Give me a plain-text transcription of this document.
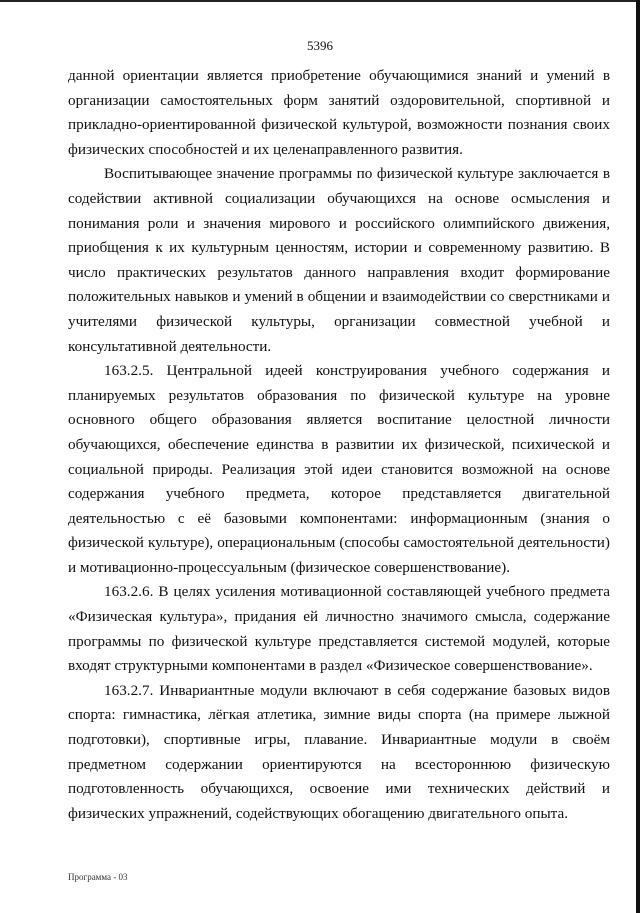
5396

данной ориентации является приобретение обучающимися знаний и умений в организации самостоятельных форм занятий оздоровительной, спортивной и прикладно-ориентированной физической культурой, возможности познания своих физических способностей и их целенаправленного развития.

Воспитывающее значение программы по физической культуре заключается в содействии активной социализации обучающихся на основе осмысления и понимания роли и значения мирового и российского олимпийского движения, приобщения к их культурным ценностям, истории и современному развитию. В число практических результатов данного направления входит формирование положительных навыков и умений в общении и взаимодействии со сверстниками и учителями физической культуры, организации совместной учебной и консультативной деятельности.

163.2.5. Центральной идеей конструирования учебного содержания и планируемых результатов образования по физической культуре на уровне основного общего образования является воспитание целостной личности обучающихся, обеспечение единства в развитии их физической, психической и социальной природы. Реализация этой идеи становится возможной на основе содержания учебного предмета, которое представляется двигательной деятельностью с её базовыми компонентами: информационным (знания о физической культуре), операциональным (способы самостоятельной деятельности) и мотивационно-процессуальным (физическое совершенствование).

163.2.6. В целях усиления мотивационной составляющей учебного предмета «Физическая культура», придания ей личностно значимого смысла, содержание программы по физической культуре представляется системой модулей, которые входят структурными компонентами в раздел «Физическое совершенствование».

163.2.7. Инвариантные модули включают в себя содержание базовых видов спорта: гимнастика, лёгкая атлетика, зимние виды спорта (на примере лыжной подготовки), спортивные игры, плавание. Инвариантные модули в своём предметном содержании ориентируются на всестороннюю физическую подготовленность обучающихся, освоение ими технических действий и физических упражнений, содействующих обогащению двигательного опыта.

Программа - 03
